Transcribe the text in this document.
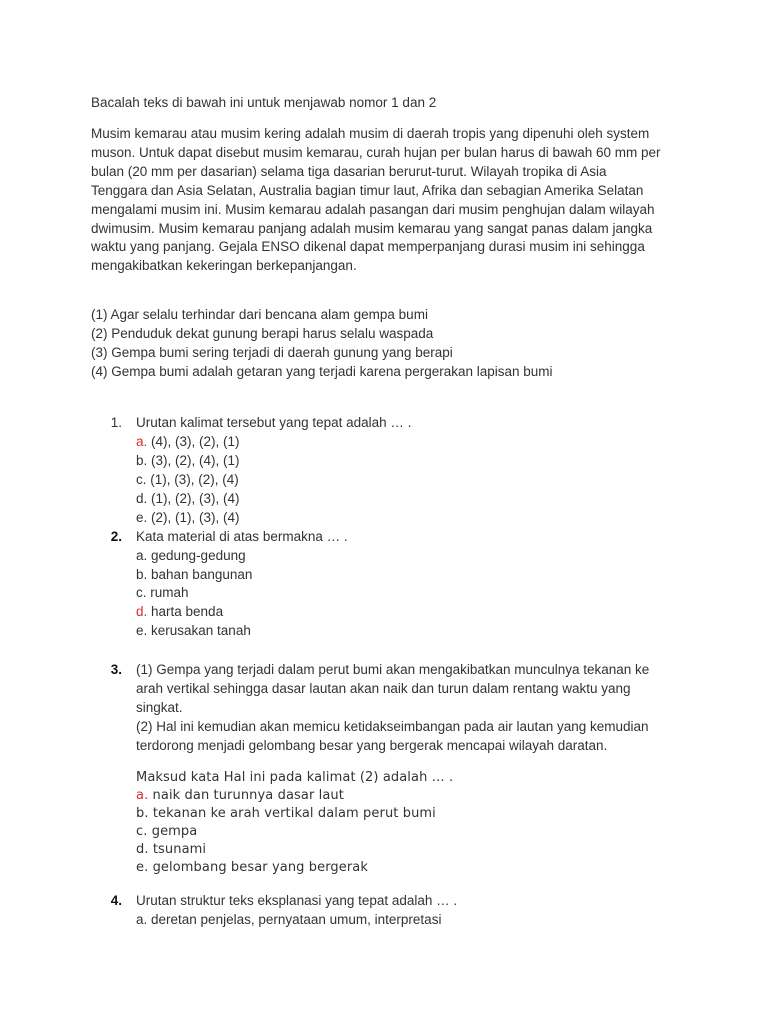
Bacalah teks di bawah ini untuk menjawab nomor 1 dan 2
Musim kemarau atau musim kering adalah musim di daerah tropis yang dipenuhi oleh system
muson. Untuk dapat disebut musim kemarau, curah hujan per bulan harus di bawah 60 mm per
bulan (20 mm per dasarian) selama tiga dasarian berurut-turut. Wilayah tropika di Asia
Tenggara dan Asia Selatan, Australia bagian timur laut, Afrika dan sebagian Amerika Selatan
mengalami musim ini. Musim kemarau adalah pasangan dari musim penghujan dalam wilayah
dwimusim. Musim kemarau panjang adalah musim kemarau yang sangat panas dalam jangka
waktu yang panjang. Gejala ENSO dikenal dapat memperpanjang durasi musim ini sehingga
mengakibatkan kekeringan berkepanjangan.
(1) Agar selalu terhindar dari bencana alam gempa bumi
(2) Penduduk dekat gunung berapi harus selalu waspada
(3) Gempa bumi sering terjadi di daerah gunung yang berapi
(4) Gempa bumi adalah getaran yang terjadi karena pergerakan lapisan bumi
1. Urutan kalimat tersebut yang tepat adalah … .
a. (4), (3), (2), (1)
b. (3), (2), (4), (1)
c. (1), (3), (2), (4)
d. (1), (2), (3), (4)
e. (2), (1), (3), (4)
2. Kata material di atas bermakna … .
a. gedung-gedung
b. bahan bangunan
c. rumah
d. harta benda
e. kerusakan tanah
3. (1) Gempa yang terjadi dalam perut bumi akan mengakibatkan munculnya tekanan ke
arah vertikal sehingga dasar lautan akan naik dan turun dalam rentang waktu yang
singkat.
(2) Hal ini kemudian akan memicu ketidakseimbangan pada air lautan yang kemudian
terdorong menjadi gelombang besar yang bergerak mencapai wilayah daratan.
Maksud kata Hal ini pada kalimat (2) adalah … .
a. naik dan turunnya dasar laut
b. tekanan ke arah vertikal dalam perut bumi
c. gempa
d. tsunami
e. gelombang besar yang bergerak
4. Urutan struktur teks eksplanasi yang tepat adalah … .
a. deretan penjelas, pernyataan umum, interpretasi
